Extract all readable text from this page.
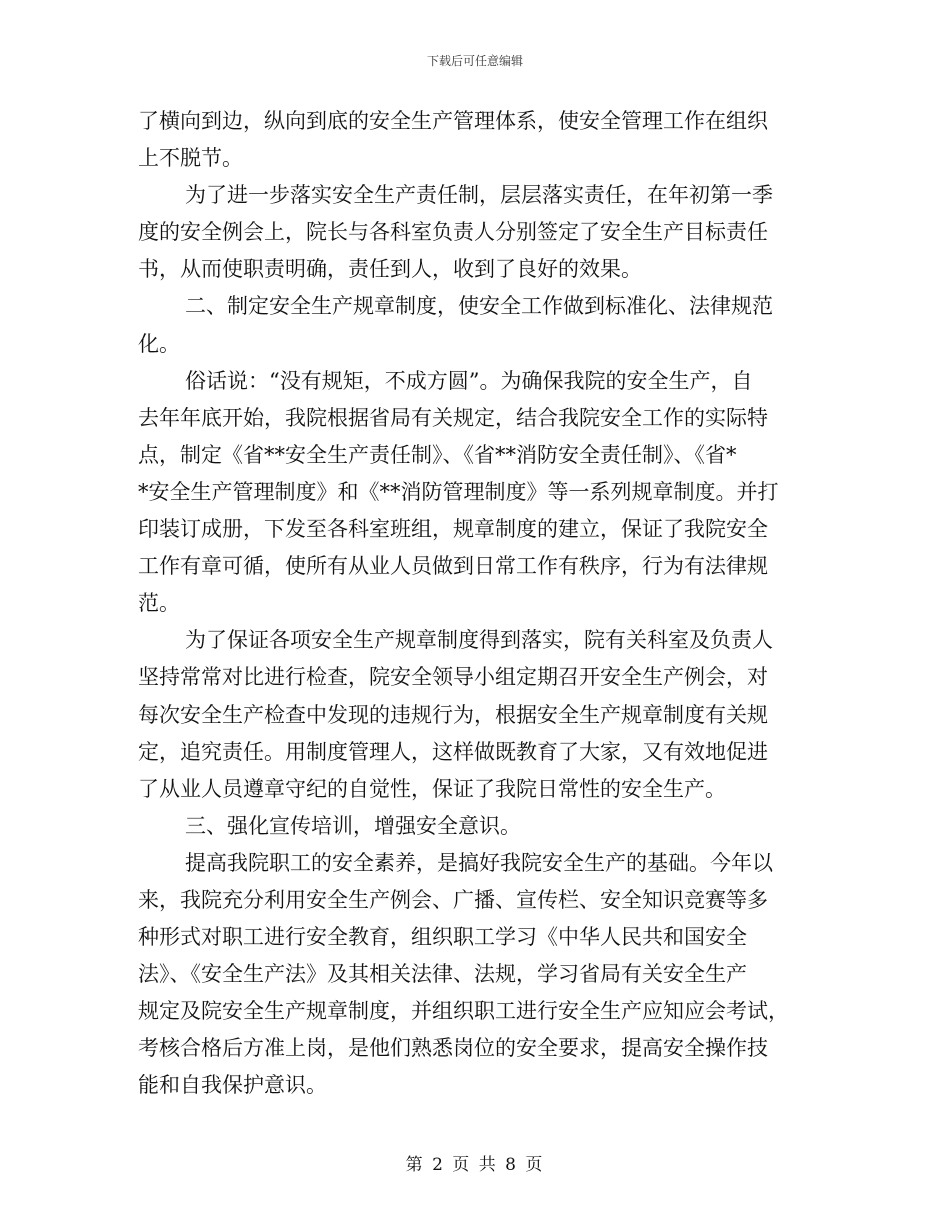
下载后可任意编辑
了横向到边，纵向到底的安全生产管理体系，使安全管理工作在组织
上不脱节。
为了进一步落实安全生产责任制，层层落实责任，在年初第一季
度的安全例会上，院长与各科室负责人分别签定了安全生产目标责任
书，从而使职责明确，责任到人，收到了良好的效果。
二、制定安全生产规章制度，使安全工作做到标准化、法律规范
化。
俗话说：“没有规矩，不成方圆”。为确保我院的安全生产，自
去年年底开始，我院根据省局有关规定，结合我院安全工作的实际特
点，制定《省**安全生产责任制》、《省**消防安全责任制》、《省*
*安全生产管理制度》和《**消防管理制度》等一系列规章制度。并打
印装订成册，下发至各科室班组，规章制度的建立，保证了我院安全
工作有章可循，使所有从业人员做到日常工作有秩序，行为有法律规
范。
为了保证各项安全生产规章制度得到落实，院有关科室及负责人
坚持常常对比进行检查，院安全领导小组定期召开安全生产例会，对
每次安全生产检查中发现的违规行为，根据安全生产规章制度有关规
定，追究责任。用制度管理人，这样做既教育了大家，又有效地促进
了从业人员遵章守纪的自觉性，保证了我院日常性的安全生产。
三、强化宣传培训，增强安全意识。
提高我院职工的安全素养，是搞好我院安全生产的基础。今年以
来，我院充分利用安全生产例会、广播、宣传栏、安全知识竞赛等多
种形式对职工进行安全教育，组织职工学习《中华人民共和国安全
法》、《安全生产法》及其相关法律、法规，学习省局有关安全生产
规定及院安全生产规章制度，并组织职工进行安全生产应知应会考试，
考核合格后方准上岗，是他们熟悉岗位的安全要求，提高安全操作技
能和自我保护意识。
第 2 页 共 8 页
